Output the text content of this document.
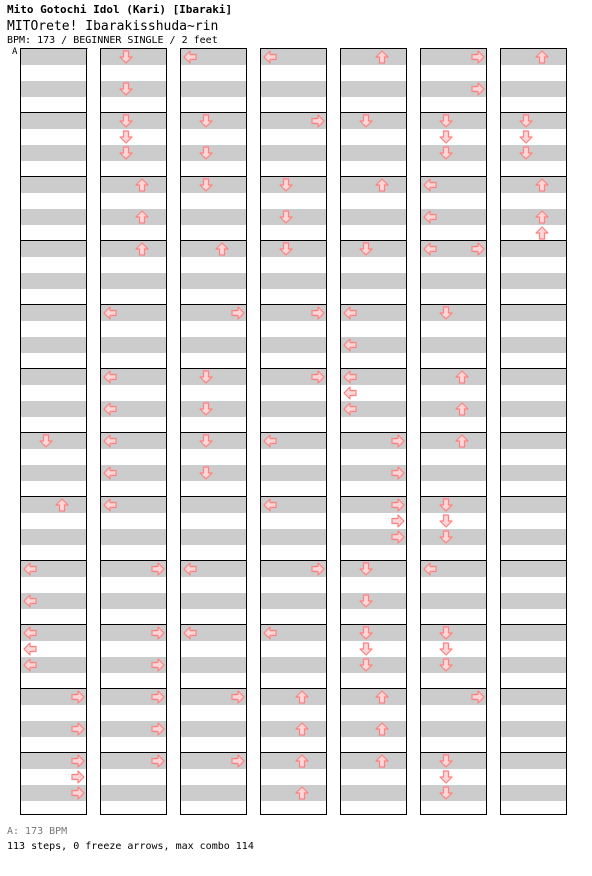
Mito Gotochi Idol (Kari) [Ibaraki]
MITOrete! Ibarakisshuda~rin
BPM: 173 / BEGINNER SINGLE / 2 feet
A
A: 173 BPM
113 steps, 0 freeze arrows, max combo 114
